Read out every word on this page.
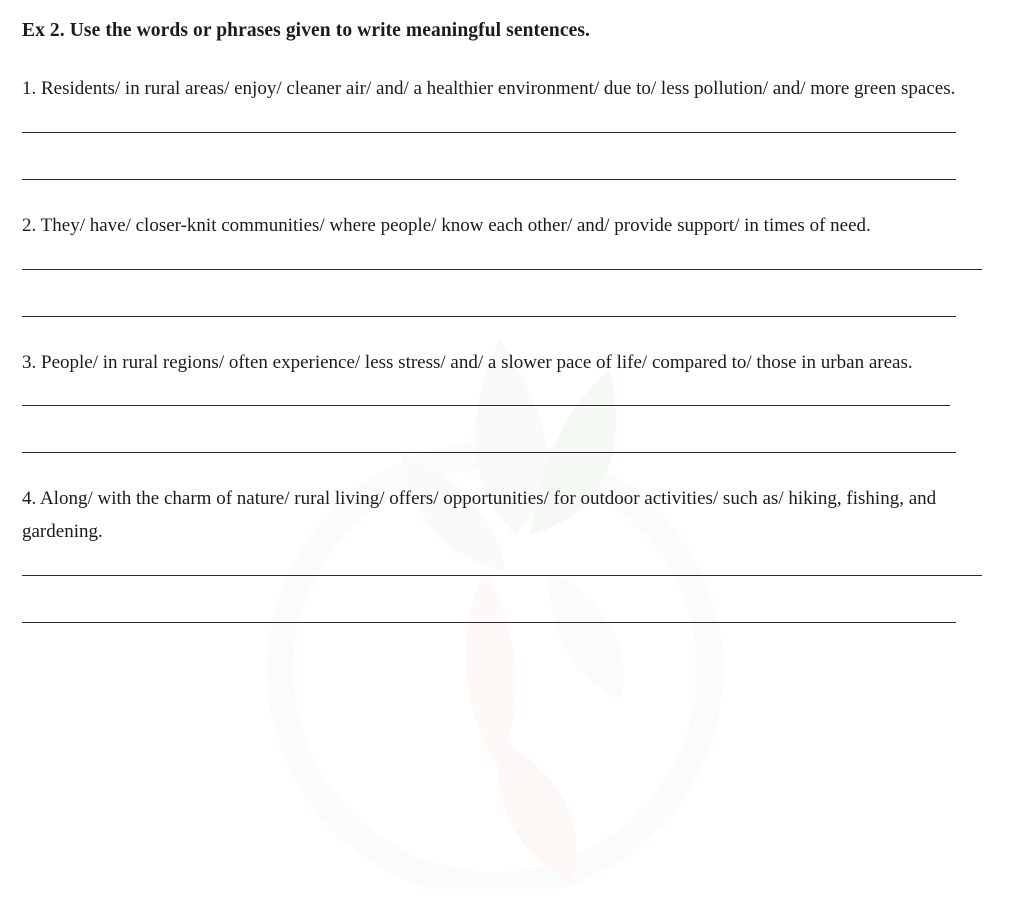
Ex 2. Use the words or phrases given to write meaningful sentences.

1. Residents/ in rural areas/ enjoy/ cleaner air/ and/ a healthier environment/ due to/ less pollution/ and/ more green spaces.

2. They/ have/ closer-knit communities/ where people/ know each other/ and/ provide support/ in times of need.

3. People/ in rural regions/ often experience/ less stress/ and/ a slower pace of life/ compared to/ those in urban areas.

4. Along/ with the charm of nature/ rural living/ offers/ opportunities/ for outdoor activities/ such as/ hiking, fishing, and gardening.
